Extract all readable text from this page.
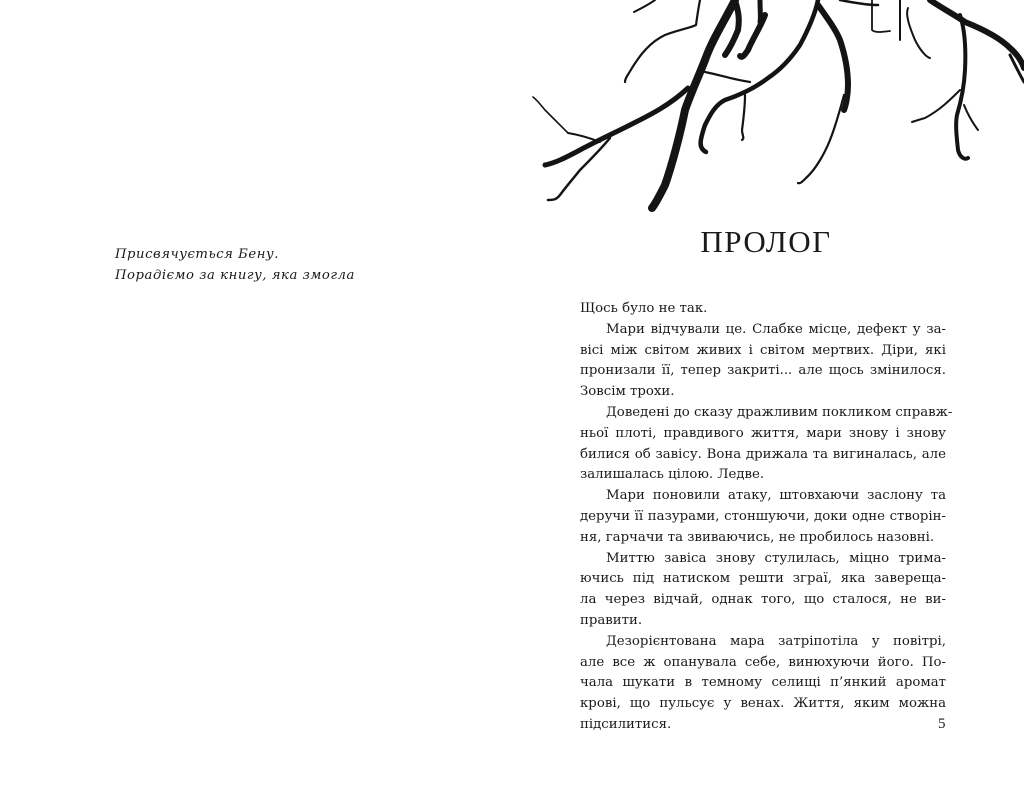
Присвячується Бену.
Порадіємо за книгу, яка змогла
ПРОЛОГ
Щось було не так.
Мари відчували це. Слабке місце, дефект у за-
вісі між світом живих і світом мертвих. Діри, які
пронизали її, тепер закриті... але щось змінилося.
Зовсім трохи.
Доведені до сказу дражливим покликом справж-
ньої плоті, правдивого життя, мари знову і знову
билися об завісу. Вона дрижала та вигиналась, але
залишалась цілою. Ледве.
Мари поновили атаку, штовхаючи заслону та
деручи її пазурами, стоншуючи, доки одне створін-
ня, гарчачи та звиваючись, не пробилось назовні.
Миттю завіса знову стулилась, міцно трима-
ючись під натиском решти зграї, яка заверещa-
ла через відчай, однак того, що сталося, не ви-
правити.
Дезорієнтована мара затріпотіла у повітрі,
але все ж опанувала себе, винюхуючи його. По-
чала шукати в темному селищі п’янкий аромат
крові, що пульсує у венах. Життя, яким можна
підсилитися.	5
